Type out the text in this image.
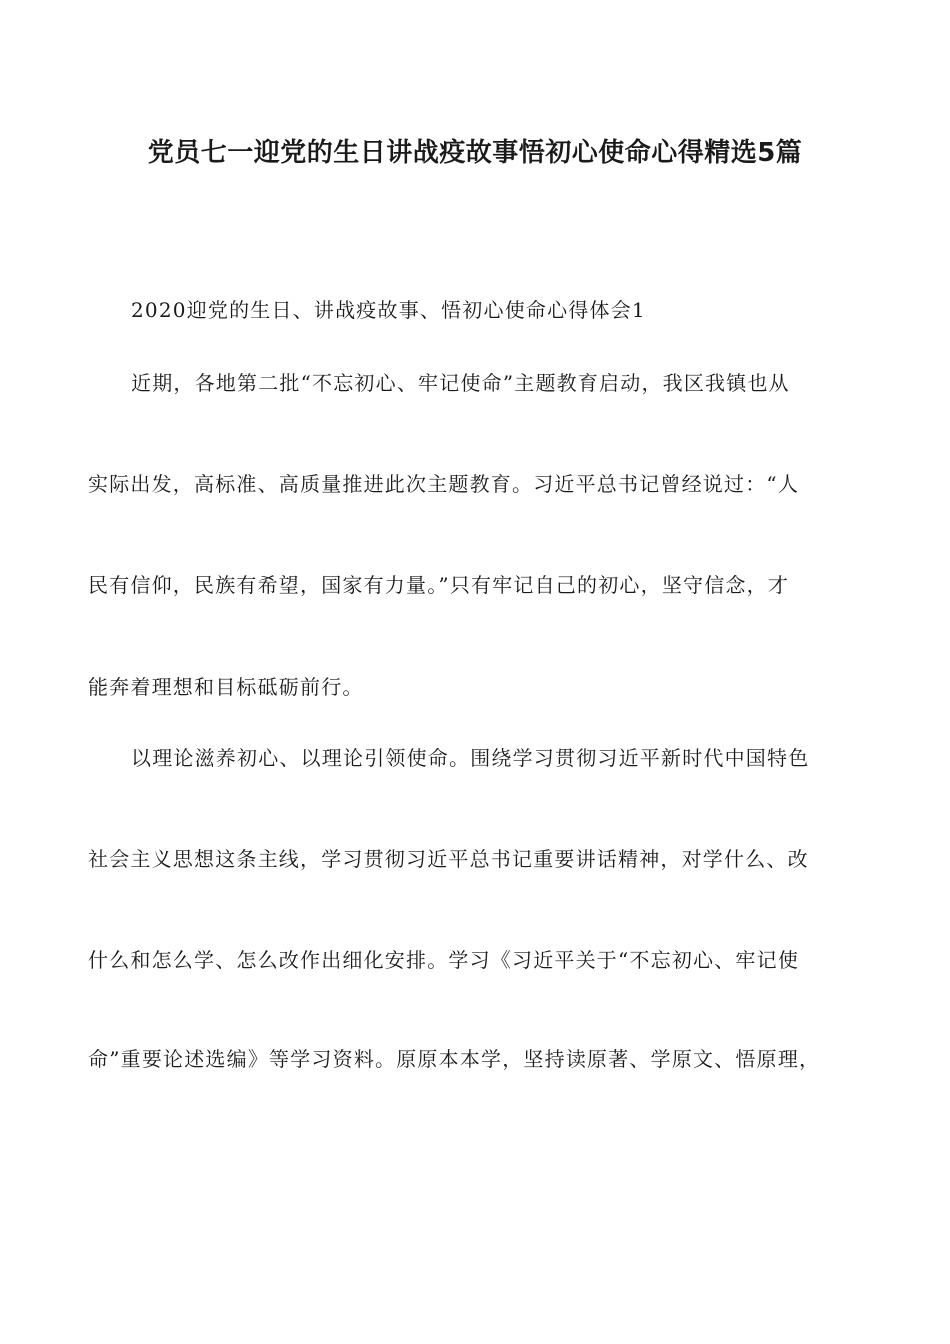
党员七一迎党的生日讲战疫故事悟初心使命心得精选5篇
2020迎党的生日、讲战疫故事、悟初心使命心得体会1
近期，各地第二批“不忘初心、牢记使命”主题教育启动，我区我镇也从
实际出发，高标准、高质量推进此次主题教育。习近平总书记曾经说过：“人
民有信仰，民族有希望，国家有力量。”只有牢记自己的初心，坚守信念，才
能奔着理想和目标砥砺前行。
以理论滋养初心、以理论引领使命。围绕学习贯彻习近平新时代中国特色
社会主义思想这条主线，学习贯彻习近平总书记重要讲话精神，对学什么、改
什么和怎么学、怎么改作出细化安排。学习《习近平关于“不忘初心、牢记使
命”重要论述选编》等学习资料。原原本本学，坚持读原著、学原文、悟原理，
